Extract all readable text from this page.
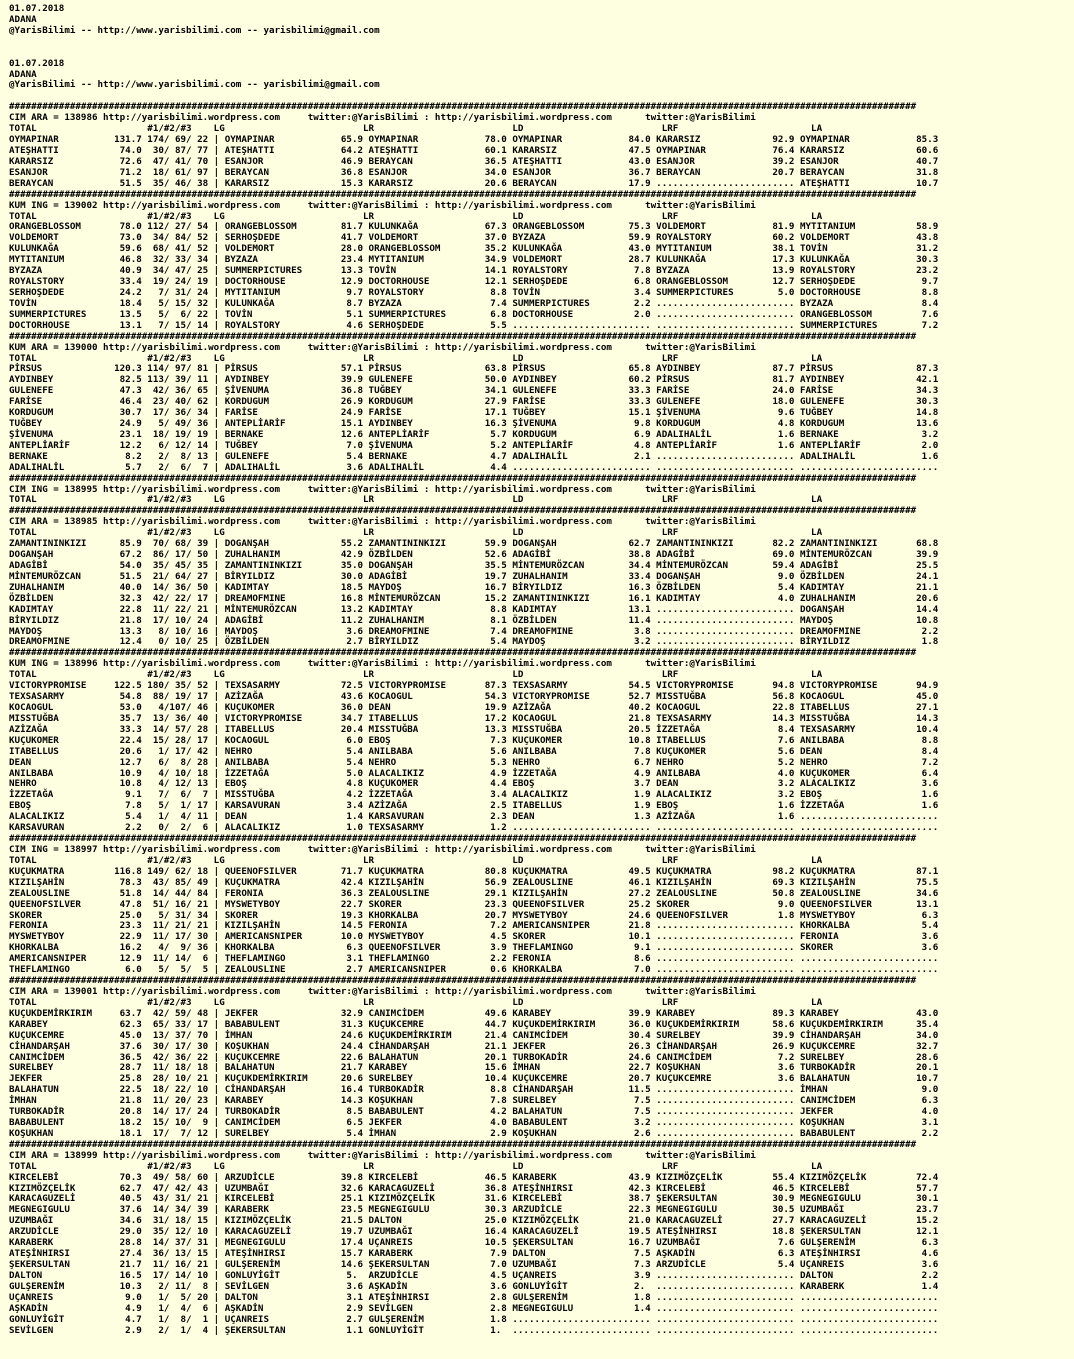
01.07.2018
ADANA
@YarisBilimi -- http://www.yarisbilimi.com -- yarisbilimi@gmail.com

01.07.2018
ADANA
@YarisBilimi -- http://www.yarisbilimi.com -- yarisbilimi@gmail.com

####################################################################################################################################################################
CIM ARA = 138986 http://yarisbilimi.wordpress.com     twitter:@YarisBilimi : http://yarisbilimi.wordpress.com      twitter:@YarisBilimi
TOTAL                    #1/#2/#3    LG                         LR                         LD                         LRF                        LA
OYMAPINAR          131.7 174/ 69/ 22 | OYMAPINAR            65.9 OYMAPINAR            78.0 OYMAPINAR            84.0 KARARSIZ             92.9 OYMAPINAR            85.3
ATEŞHATTI           74.0  30/ 87/ 77 | ATEŞHATTI            64.2 ATEŞHATTI            60.1 KARARSIZ             47.5 OYMAPINAR            76.4 KARARSIZ             60.6
KARARSIZ            72.6  47/ 41/ 70 | ESANJOR              46.9 BERAYCAN             36.5 ATEŞHATTI            43.0 ESANJOR              39.2 ESANJOR              40.7
ESANJOR             71.2  18/ 61/ 97 | BERAYCAN             36.8 ESANJOR              34.0 ESANJOR              36.7 BERAYCAN             20.7 BERAYCAN             31.8
BERAYCAN            51.5  35/ 46/ 38 | KARARSIZ             15.3 KARARSIZ             20.6 BERAYCAN             17.9 ......................... ATEŞHATTI            10.7
####################################################################################################################################################################
KUM ING = 139002 http://yarisbilimi.wordpress.com     twitter:@YarisBilimi : http://yarisbilimi.wordpress.com      twitter:@YarisBilimi
TOTAL                    #1/#2/#3    LG                         LR                         LD                         LRF                        LA
ORANGEBLOSSOM       78.0 112/ 27/ 54 | ORANGEBLOSSOM        81.7 KULUNKAĞA            67.3 ORANGEBLOSSOM        75.3 VOLDEMORT            81.9 MYTITANIUM           58.9
VOLDEMORT           73.0  34/ 84/ 52 | SERHOŞDEDE           41.7 VOLDEMORT            37.0 BYZAZA               59.9 ROYALSTORY           60.2 VOLDEMORT            43.8
KULUNKAĞA           59.6  68/ 41/ 52 | VOLDEMORT            28.0 ORANGEBLOSSOM        35.2 KULUNKAĞA            43.0 MYTITANIUM           38.1 TOVİN                31.2
MYTITANIUM          46.8  32/ 33/ 34 | BYZAZA               23.4 MYTITANIUM           34.9 VOLDEMORT            28.7 KULUNKAĞA            17.3 KULUNKAĞA            30.3
BYZAZA              40.9  34/ 47/ 25 | SUMMERPICTURES       13.3 TOVİN                14.1 ROYALSTORY            7.8 BYZAZA               13.9 ROYALSTORY           23.2
ROYALSTORY          33.4  19/ 24/ 19 | DOCTORHOUSE          12.9 DOCTORHOUSE          12.1 SERHOŞDEDE            6.8 ORANGEBLOSSOM        12.7 SERHOŞDEDE            9.7
SERHOŞDEDE          24.2   7/ 31/ 24 | MYTITANIUM            9.7 ROYALSTORY            8.8 TOVİN                 3.4 SUMMERPICTURES        5.0 DOCTORHOUSE           8.8
TOVİN               18.4   5/ 15/ 32 | KULUNKAĞA             8.7 BYZAZA                7.4 SUMMERPICTURES        2.2 ......................... BYZAZA                8.4
SUMMERPICTURES      13.5   5/  6/ 22 | TOVİN                 5.1 SUMMERPICTURES        6.8 DOCTORHOUSE           2.0 ......................... ORANGEBLOSSOM         7.6
DOCTORHOUSE         13.1   7/ 15/ 14 | ROYALSTORY            4.6 SERHOŞDEDE            5.5 ......................... ......................... SUMMERPICTURES        7.2
####################################################################################################################################################################
KUM ARA = 139000 http://yarisbilimi.wordpress.com     twitter:@YarisBilimi : http://yarisbilimi.wordpress.com      twitter:@YarisBilimi
TOTAL                    #1/#2/#3    LG                         LR                         LD                         LRF                        LA
PİRSUS             120.3 114/ 97/ 81 | PİRSUS               57.1 PİRSUS               63.8 PİRSUS               65.8 AYDINBEY             87.7 PİRSUS               87.3
AYDINBEY            82.5 113/ 39/ 11 | AYDINBEY             39.9 GULENEFE             50.0 AYDINBEY             60.2 PİRSUS               81.7 AYDINBEY             42.1
GULENEFE            47.3  42/ 36/ 65 | ŞİVENUMA             36.8 TUĞBEY               34.1 GULENEFE             33.3 FARİSE               24.0 FARİSE               34.3
FARİSE              46.4  23/ 40/ 62 | KORDUGUM             26.9 KORDUGUM             27.9 FARİSE               33.3 GULENEFE             18.0 GULENEFE             30.3
KORDUGUM            30.7  17/ 36/ 34 | FARİSE               24.9 FARİSE               17.1 TUĞBEY               15.1 ŞİVENUMA              9.6 TUĞBEY               14.8
TUĞBEY              24.9   5/ 49/ 36 | ANTEPLİARİF          15.1 AYDINBEY             16.3 ŞİVENUMA              9.8 KORDUGUM              4.8 KORDUGUM             13.6
ŞİVENUMA            23.1  18/ 19/ 19 | BERNAKE              12.6 ANTEPLİARİF           5.7 KORDUGUM              6.9 ADALIHALİL            1.6 BERNAKE               3.2
ANTEPLİARİF         12.2   6/ 12/ 14 | TUĞBEY                7.0 ŞİVENUMA              5.2 ANTEPLİARİF           4.8 ANTEPLİARİF           1.6 ANTEPLİARİF           2.0
BERNAKE              8.2   2/  8/ 13 | GULENEFE              5.4 BERNAKE               4.7 ADALIHALİL            2.1 ......................... ADALIHALİL            1.6
ADALIHALİL           5.7   2/  6/  7 | ADALIHALİL            3.6 ADALIHALİL            4.4 ......................... ......................... .........................
####################################################################################################################################################################
CIM ING = 138995 http://yarisbilimi.wordpress.com     twitter:@YarisBilimi : http://yarisbilimi.wordpress.com      twitter:@YarisBilimi
TOTAL                    #1/#2/#3    LG                         LR                         LD                         LRF                        LA
####################################################################################################################################################################
CIM ARA = 138985 http://yarisbilimi.wordpress.com     twitter:@YarisBilimi : http://yarisbilimi.wordpress.com      twitter:@YarisBilimi
TOTAL                    #1/#2/#3    LG                         LR                         LD                         LRF                        LA
ZAMANTININKIZI      85.9  70/ 68/ 39 | DOGANŞAH             55.2 ZAMANTININKIZI       59.9 DOGANŞAH             62.7 ZAMANTININKIZI       82.2 ZAMANTININKIZI       68.8
DOGANŞAH            67.2  86/ 17/ 50 | ZUHALHANIM           42.9 ÖZBİLDEN             52.6 ADAGİBİ              38.8 ADAGİBİ              69.0 MİNTEMURÖZCAN        39.9
ADAGİBİ             54.0  35/ 45/ 35 | ZAMANTININKIZI       35.0 DOGANŞAH             35.5 MİNTEMURÖZCAN        34.4 MİNTEMURÖZCAN        59.4 ADAGİBİ              25.5
MİNTEMURÖZCAN       51.5  21/ 64/ 27 | BİRYILDIZ            30.0 ADAGİBİ              19.7 ZUHALHANIM           33.4 DOGANŞAH              9.0 ÖZBİLDEN             24.1
ZUHALHANIM          40.0  14/ 36/ 50 | KADIMTAY             18.5 MAYDOŞ               16.7 BİRYILDIZ            16.3 ÖZBİLDEN              5.4 KADIMTAY             21.1
ÖZBİLDEN            32.3  42/ 22/ 17 | DREAMOFMINE          16.8 MİNTEMURÖZCAN        15.2 ZAMANTININKIZI       16.1 KADIMTAY              4.0 ZUHALHANIM           20.6
KADIMTAY            22.8  11/ 22/ 21 | MİNTEMURÖZCAN        13.2 KADIMTAY              8.8 KADIMTAY             13.1 ......................... DOGANŞAH             14.4
BİRYILDIZ           21.8  17/ 10/ 24 | ADAGİBİ              11.2 ZUHALHANIM            8.1 ÖZBİLDEN             11.4 ......................... MAYDOŞ               10.8
MAYDOŞ              13.3   8/ 10/ 16 | MAYDOŞ                3.6 DREAMOFMINE           7.4 DREAMOFMINE           3.8 ......................... DREAMOFMINE           2.2
DREAMOFMINE         12.4   0/ 10/ 25 | ÖZBİLDEN              2.7 BİRYILDIZ             5.4 MAYDOŞ                3.2 ......................... BİRYILDIZ             1.8
####################################################################################################################################################################
KUM ING = 138996 http://yarisbilimi.wordpress.com     twitter:@YarisBilimi : http://yarisbilimi.wordpress.com      twitter:@YarisBilimi
TOTAL                    #1/#2/#3    LG                         LR                         LD                         LRF                        LA
VICTORYPROMISE     122.5 180/ 35/ 52 | TEXSASARMY           72.5 VICTORYPROMISE       87.3 TEXSASARMY           54.5 VICTORYPROMISE       94.8 VICTORYPROMISE       94.9
TEXSASARMY          54.8  88/ 19/ 17 | AZİZAĞA              43.6 KOCAOGUL             54.3 VICTORYPROMISE       52.7 MISSTUĞBA            56.8 KOCAOGUL             45.0
KOCAOGUL            53.0   4/107/ 46 | KUÇUKOMER            36.0 DEAN                 19.9 AZİZAĞA              40.2 KOCAOGUL             22.8 ITABELLUS            27.1
MISSTUĞBA           35.7  13/ 36/ 40 | VICTORYPROMISE       34.7 ITABELLUS            17.2 KOCAOGUL             21.8 TEXSASARMY           14.3 MISSTUĞBA            14.3
AZİZAĞA             33.3  14/ 57/ 28 | ITABELLUS            20.4 MISSTUĞBA            13.3 MISSTUĞBA            20.5 İZZETAĞA              8.4 TEXSASARMY           10.4
KUÇUKOMER           22.4  15/ 28/ 17 | KOCAOGUL              6.0 EBOŞ                  7.3 KUÇUKOMER            10.8 ITABELLUS             7.6 ANILBABA              8.8
ITABELLUS           20.6   1/ 17/ 42 | NEHRO                 5.4 ANILBABA              5.6 ANILBABA              7.8 KUÇUKOMER             5.6 DEAN                  8.4
DEAN                12.7   6/  8/ 28 | ANILBABA              5.4 NEHRO                 5.3 NEHRO                 6.7 NEHRO                 5.2 NEHRO                 7.2
ANILBABA            10.9   4/ 10/ 18 | İZZETAĞA              5.0 ALACALIKIZ            4.9 İZZETAĞA              4.9 ANILBABA              4.0 KUÇUKOMER             6.4
NEHRO               10.8   4/ 12/ 13 | EBOŞ                  4.8 KUÇUKOMER             4.4 EBOŞ                  3.7 DEAN                  3.2 ALACALIKIZ            3.6
İZZETAĞA             9.1   7/  6/  7 | MISSTUĞBA             4.2 İZZETAĞA              3.4 ALACALIKIZ            1.9 ALACALIKIZ            3.2 EBOŞ                  1.6
EBOŞ                 7.8   5/  1/ 17 | KARSAVURAN            3.4 AZİZAĞA               2.5 ITABELLUS             1.9 EBOŞ                  1.6 İZZETAĞA              1.6
ALACALIKIZ           5.4   1/  4/ 11 | DEAN                  1.4 KARSAVURAN            2.3 DEAN                  1.3 AZİZAĞA               1.6 .........................
KARSAVURAN           2.2   0/  2/  6 | ALACALIKIZ            1.0 TEXSASARMY            1.2 ......................... ......................... .........................
####################################################################################################################################################################
CIM ING = 138997 http://yarisbilimi.wordpress.com     twitter:@YarisBilimi : http://yarisbilimi.wordpress.com      twitter:@YarisBilimi
TOTAL                    #1/#2/#3    LG                         LR                         LD                         LRF                        LA
KUÇUKMATRA         116.8 149/ 62/ 18 | QUEENOFSILVER        71.7 KUÇUKMATRA           80.8 KUÇUKMATRA           49.5 KUÇUKMATRA           98.2 KUÇUKMATRA           87.1
KIZILŞAHİN          78.3  43/ 85/ 49 | KUÇUKMATRA           42.4 KIZILŞAHİN           56.9 ZEALOUSLINE          46.1 KIZILŞAHİN           69.3 KIZILŞAHİN           75.5
ZEALOUSLINE         51.8  14/ 44/ 84 | FERONIA              36.3 ZEALOUSLINE          29.1 KIZILŞAHİN           27.2 ZEALOUSLINE          50.8 ZEALOUSLINE          34.6
QUEENOFSILVER       47.8  51/ 16/ 21 | MYSWETYBOY           22.7 SKORER               23.3 QUEENOFSILVER        25.2 SKORER                9.0 QUEENOFSILVER        13.1
SKORER              25.0   5/ 31/ 34 | SKORER               19.3 KHORKALBA            20.7 MYSWETYBOY           24.6 QUEENOFSILVER         1.8 MYSWETYBOY            6.3
FERONIA             23.3  11/ 21/ 21 | KIZILŞAHİN           14.5 FERONIA               7.2 AMERICANSNIPER       21.8 ......................... KHORKALBA             5.4
MYSWETYBOY          22.9  11/ 17/ 30 | AMERICANSNIPER       10.0 MYSWETYBOY            4.5 SKORER               10.1 ......................... FERONIA               3.6
KHORKALBA           16.2   4/  9/ 36 | KHORKALBA             6.3 QUEENOFSILVER         3.9 THEFLAMINGO           9.1 ......................... SKORER                3.6
AMERICANSNIPER      12.9  11/ 14/  6 | THEFLAMINGO           3.1 THEFLAMINGO           2.2 FERONIA               8.6 ......................... .........................
THEFLAMINGO          6.0   5/  5/  5 | ZEALOUSLINE           2.7 AMERICANSNIPER        0.6 KHORKALBA             7.0 ......................... .........................
####################################################################################################################################################################
CIM ARA = 139001 http://yarisbilimi.wordpress.com     twitter:@YarisBilimi : http://yarisbilimi.wordpress.com      twitter:@YarisBilimi
TOTAL                    #1/#2/#3    LG                         LR                         LD                         LRF                        LA
KUÇUKDEMİRKIRIM     63.7  42/ 59/ 48 | JEKFER               32.9 CANIMCİDEM           49.6 KARABEY              39.9 KARABEY              89.3 KARABEY              43.0
KARABEY             62.3  65/ 33/ 17 | BABABULENT           31.3 KUÇUKCEMRE           44.7 KUÇUKDEMİRKIRIM      36.0 KUÇUKDEMİRKIRIM      58.6 KUÇUKDEMİRKIRIM      35.4
KUÇUKCEMRE          45.0  13/ 37/ 70 | İMHAN                24.6 KUÇUKDEMİRKIRIM      21.4 CANIMCİDEM           30.4 SURELBEY             39.9 CİHANDARŞAH          34.0
CİHANDARŞAH         37.6  30/ 17/ 30 | KOŞUKHAN             24.4 CİHANDARŞAH          21.1 JEKFER               26.3 CİHANDARŞAH          26.9 KUÇUKCEMRE           32.7
CANIMCİDEM          36.5  42/ 36/ 22 | KUÇUKCEMRE           22.6 BALAHATUN            20.1 TURBOKADİR           24.6 CANIMCİDEM            7.2 SURELBEY             28.6
SURELBEY            28.7  11/ 18/ 18 | BALAHATUN            21.7 KARABEY              15.6 İMHAN                22.7 KOŞUKHAN              3.6 TURBOKADİR           20.1
JEKFER              25.8  28/ 10/ 21 | KUÇUKDEMİRKIRIM      20.6 SURELBEY             10.4 KUÇUKCEMRE           20.7 KUÇUKCEMRE            3.6 BALAHATUN            10.7
BALAHATUN           22.5  18/ 22/ 10 | CİHANDARŞAH          16.4 TURBOKADİR            8.8 CİHANDARŞAH          11.5 ......................... İMHAN                 9.0
İMHAN               21.8  11/ 20/ 23 | KARABEY              14.3 KOŞUKHAN              7.8 SURELBEY              7.5 ......................... CANIMCİDEM            6.3
TURBOKADİR          20.8  14/ 17/ 24 | TURBOKADİR            8.5 BABABULENT            4.2 BALAHATUN             7.5 ......................... JEKFER                4.0
BABABULENT          18.2  15/ 10/  9 | CANIMCİDEM            6.5 JEKFER                4.0 BABABULENT            3.2 ......................... KOŞUKHAN              3.1
KOŞUKHAN            18.1  17/  7/ 12 | SURELBEY              5.4 İMHAN                 2.9 KOŞUKHAN              2.6 ......................... BABABULENT            2.2
####################################################################################################################################################################
CIM ARA = 138999 http://yarisbilimi.wordpress.com     twitter:@YarisBilimi : http://yarisbilimi.wordpress.com      twitter:@YarisBilimi
TOTAL                    #1/#2/#3    LG                         LR                         LD                         LRF                        LA
KIRCELEBİ           70.3  49/ 58/ 60 | ARZUDİCLE            39.8 KIRCELEBİ            46.5 KARABERK             43.9 KIZIMÖZÇELİK         55.4 KIZIMÖZÇELİK         72.4
KIZIMÖZÇELİK        62.7  47/ 42/ 43 | UZUMBAĞI             32.6 KARACAGUZELİ         36.8 ATEŞİNHIRSI          42.3 KIRCELEBİ            46.5 KIRCELEBİ            57.7
KARACAGUZELİ        40.5  43/ 31/ 21 | KIRCELEBİ            25.1 KIZIMÖZÇELİK         31.6 KIRCELEBİ            38.7 ŞEKERSULTAN          30.9 MEGNEGIGULU          30.1
MEGNEGIGULU         37.6  14/ 34/ 39 | KARABERK             23.5 MEGNEGIGULU          30.3 ARZUDİCLE            22.3 MEGNEGIGULU          30.5 UZUMBAĞI             23.7
UZUMBAĞI            34.6  31/ 18/ 15 | KIZIMÖZÇELİK         21.5 DALTON               25.0 KIZIMÖZÇELİK         21.0 KARACAGUZELİ         27.7 KARACAGUZELİ         15.2
ARZUDİCLE           29.0  35/ 12/ 10 | KARACAGUZELİ         19.7 UZUMBAĞI             16.4 KARACAGUZELİ         19.5 ATEŞİNHIRSI          18.8 ŞEKERSULTAN          12.1
KARABERK            28.8  14/ 37/ 31 | MEGNEGIGULU          17.4 UÇANREIS             10.5 ŞEKERSULTAN          16.7 UZUMBAĞI              7.6 GULŞERENİM            6.3
ATEŞİNHIRSI         27.4  36/ 13/ 15 | ATEŞİNHIRSI          15.7 KARABERK              7.9 DALTON                7.5 AŞKADİN               6.3 ATEŞİNHIRSI           4.6
ŞEKERSULTAN         21.7  11/ 16/ 21 | GULŞERENİM           14.6 ŞEKERSULTAN           7.0 UZUMBAĞI              7.3 ARZUDİCLE             5.4 UÇANREIS              3.6
DALTON              16.5  17/ 14/ 10 | GONLUYİGİT            5.  ARZUDİCLE             4.5 UÇANREIS              3.9 ......................... DALTON                2.2
GULŞERENİM          10.3   2/ 11/  8 | SEVİLGEN              3.6 AŞKADİN               3.6 GONLUYİGİT            2.  ......................... KARABERK              1.4
UÇANREIS             9.0   1/  5/ 20 | DALTON                3.1 ATEŞİNHIRSI           2.8 GULŞERENİM            1.8 ......................... .........................
AŞKADİN              4.9   1/  4/  6 | AŞKADİN               2.9 SEVİLGEN              2.8 MEGNEGIGULU           1.4 ......................... .........................
GONLUYİGİT           4.7   1/  8/  1 | UÇANREIS              2.7 GULŞERENİM            1.8 ......................... ......................... .........................
SEVİLGEN             2.9   2/  1/  4 | ŞEKERSULTAN           1.1 GONLUYİGİT            1.  ......................... ......................... .........................
